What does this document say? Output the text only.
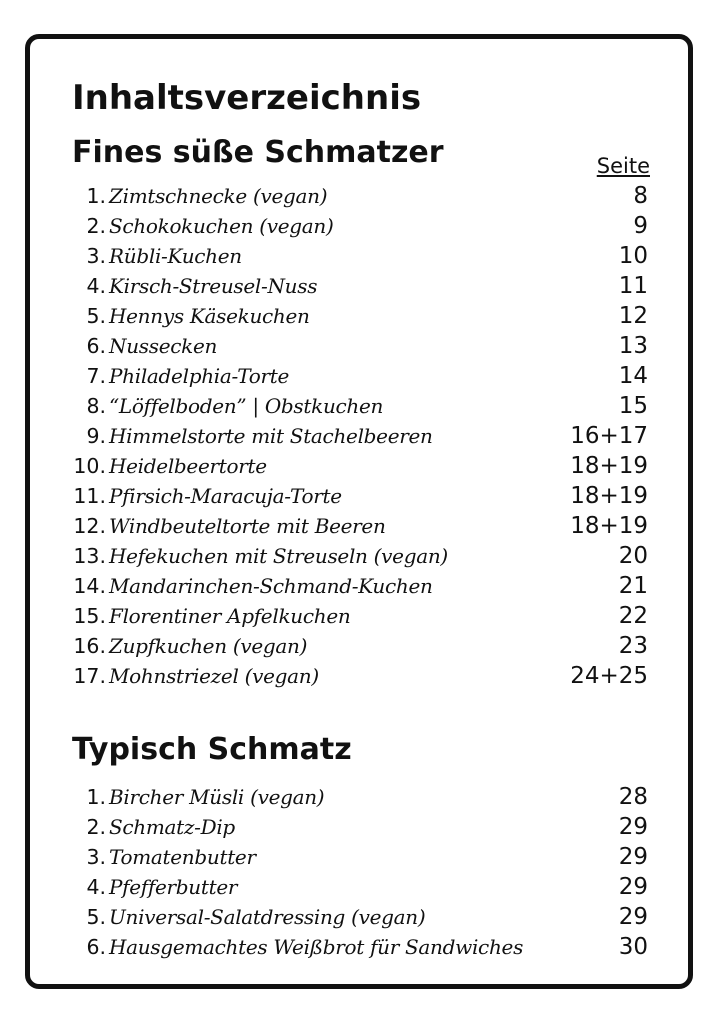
Inhaltsverzeichnis
Fines süße Schmatzer	Seite
Typisch Schmatz
1. Zimtschnecke (vegan)	8
2. Schokokuchen (vegan)	9
3. Rübli-Kuchen	10
4. Kirsch-Streusel-Nuss	11
5. Hennys Käsekuchen	12
6. Nussecken	13
7. Philadelphia-Torte	14
8. “Löffelboden” | Obstkuchen	15
9. Himmelstorte mit Stachelbeeren	16+17
10. Heidelbeertorte	18+19
11. Pfirsich-Maracuja-Torte	18+19
12. Windbeuteltorte mit Beeren	18+19
13. Hefekuchen mit Streuseln (vegan)	20
14. Mandarinchen-Schmand-Kuchen	21
15. Florentiner Apfelkuchen	22
16. Zupfkuchen (vegan)	23
17. Mohnstriezel (vegan)	24+25
1. Bircher Müsli (vegan)	28
2. Schmatz-Dip	29
3. Tomatenbutter	29
4. Pfefferbutter	29
5. Universal-Salatdressing (vegan)	29
6. Hausgemachtes Weißbrot für Sandwiches	30
